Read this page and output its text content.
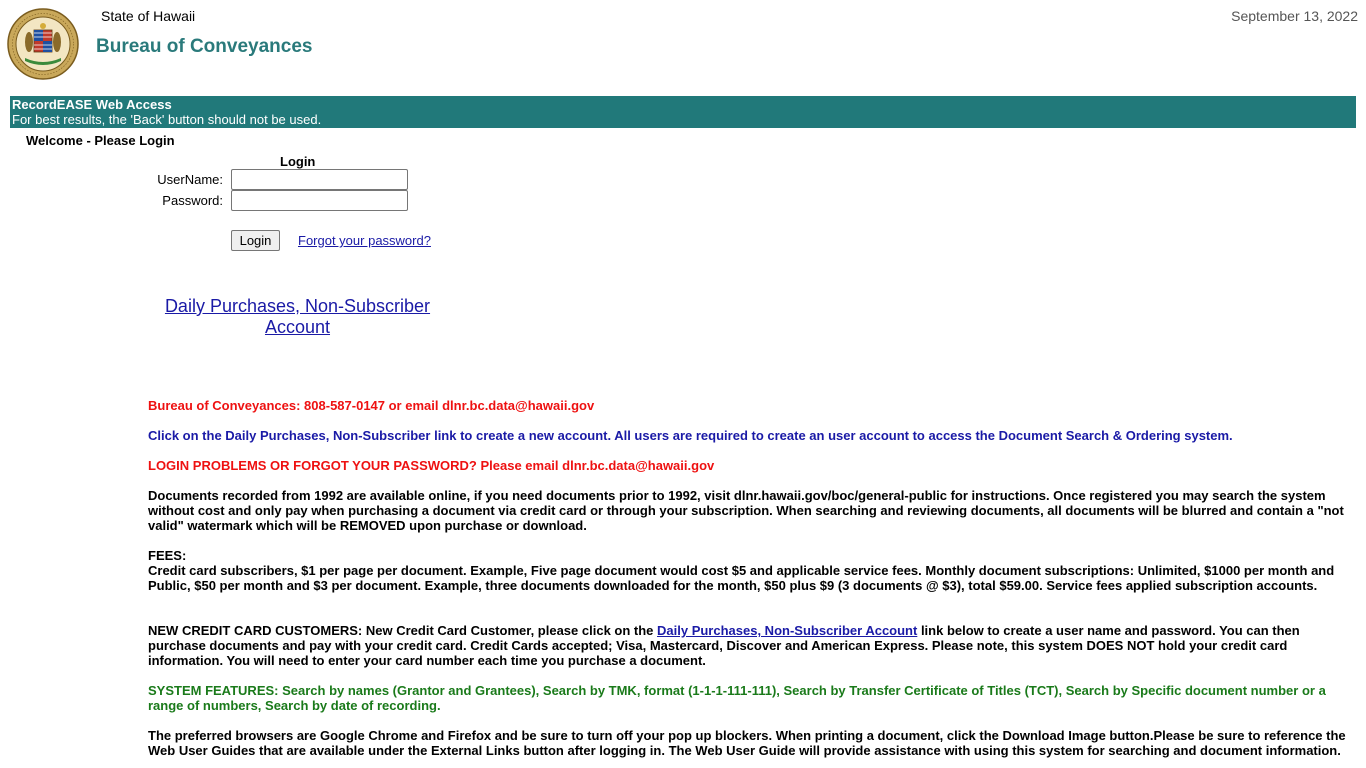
State of Hawaii
Bureau of Conveyances
September 13, 2022
RecordEASE Web Access
For best results, the 'Back' button should not be used.
Welcome - Please Login
Login
UserName:
Password:
Login	Forgot your password?
Daily Purchases, Non-Subscriber
Account
Bureau of Conveyances: 808-587-0147 or email dlnr.bc.data@hawaii.gov
Click on the Daily Purchases, Non-Subscriber link to create a new account. All users are required to create an user account to access the Document Search & Ordering system.
LOGIN PROBLEMS OR FORGOT YOUR PASSWORD? Please email dlnr.bc.data@hawaii.gov
Documents recorded from 1992 are available online, if you need documents prior to 1992, visit dlnr.hawaii.gov/boc/general-public for instructions. Once registered you may search the system without cost and only pay when purchasing a document via credit card or through your subscription. When searching and reviewing documents, all documents will be blurred and contain a "not valid" watermark which will be REMOVED upon purchase or download.
FEES:
Credit card subscribers, $1 per page per document. Example, Five page document would cost $5 and applicable service fees. Monthly document subscriptions: Unlimited, $1000 per month and Public, $50 per month and $3 per document. Example, three documents downloaded for the month, $50 plus $9 (3 documents @ $3), total $59.00. Service fees applied subscription accounts.
NEW CREDIT CARD CUSTOMERS: New Credit Card Customer, please click on the Daily Purchases, Non-Subscriber Account link below to create a user name and password. You can then purchase documents and pay with your credit card. Credit Cards accepted; Visa, Mastercard, Discover and American Express. Please note, this system DOES NOT hold your credit card information. You will need to enter your card number each time you purchase a document.
SYSTEM FEATURES: Search by names (Grantor and Grantees), Search by TMK, format (1-1-1-111-111), Search by Transfer Certificate of Titles (TCT), Search by Specific document number or a range of numbers, Search by date of recording.
The preferred browsers are Google Chrome and Firefox and be sure to turn off your pop up blockers. When printing a document, click the Download Image button.Please be sure to reference the Web User Guides that are available under the External Links button after logging in. The Web User Guide will provide assistance with using this system for searching and document information.
